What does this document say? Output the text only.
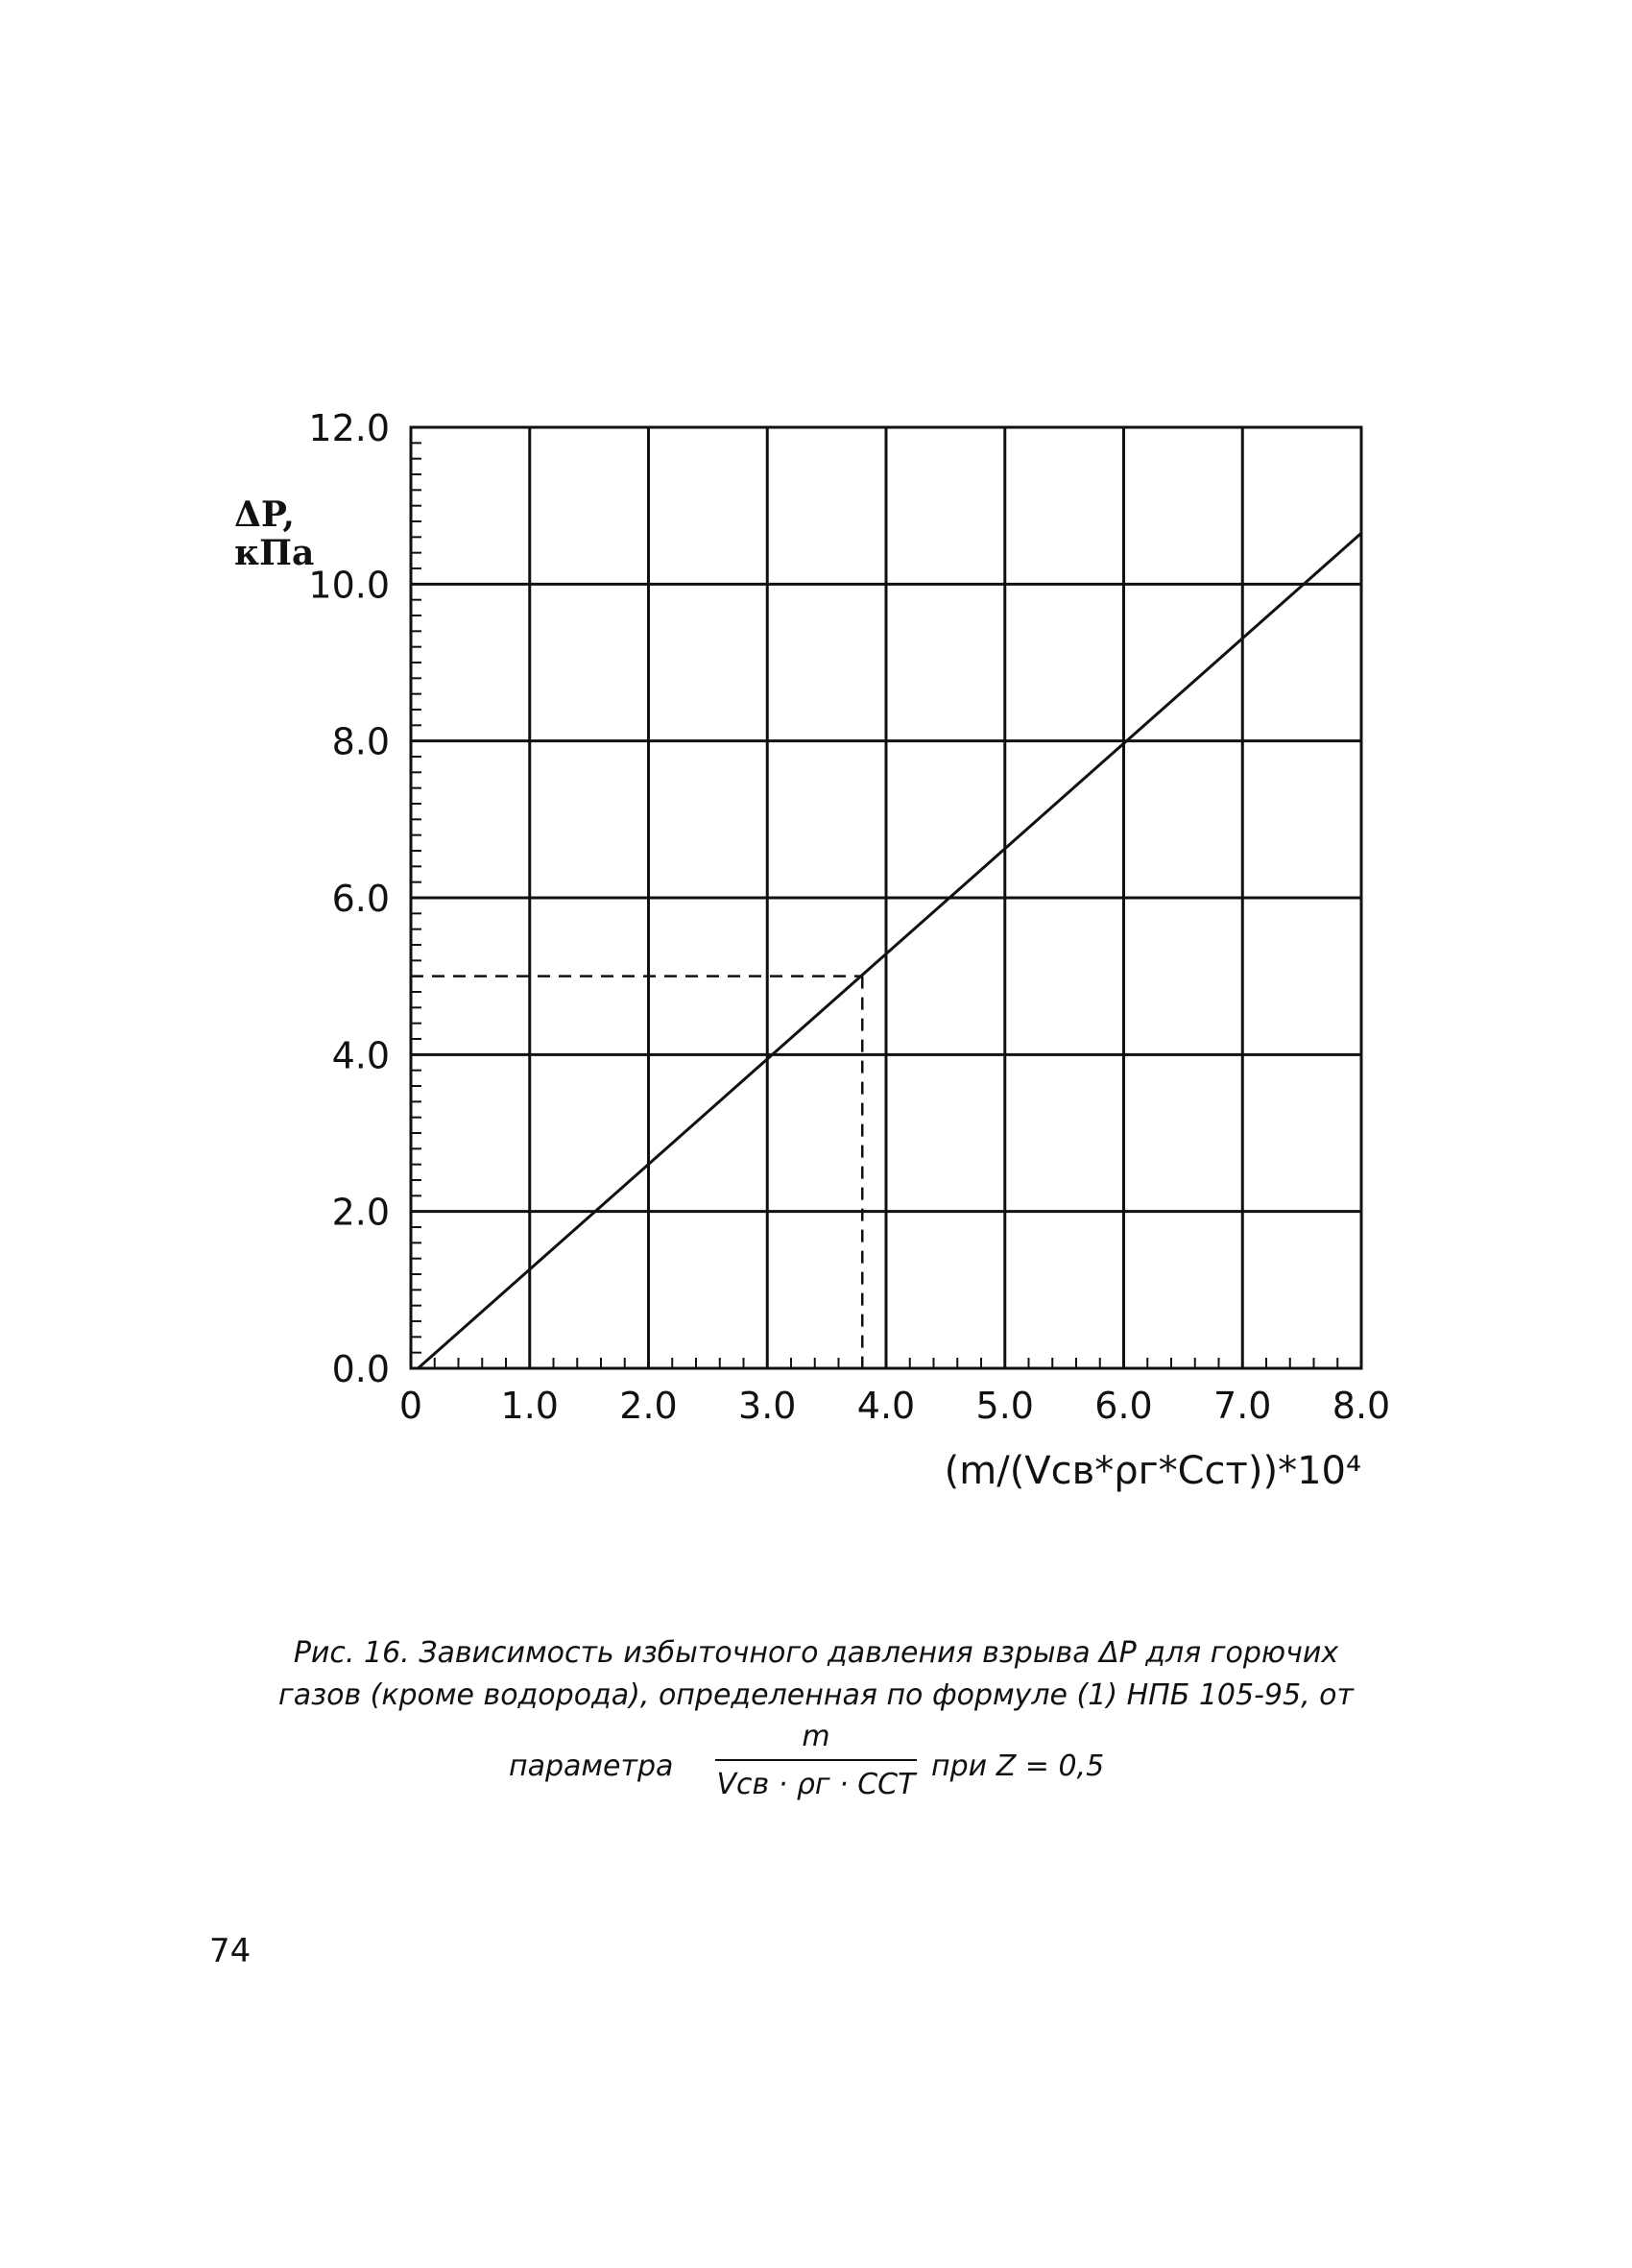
0 1.0 2.0 3.0 4.0 5.0 6.0 7.0 8.0
0.0
2.0
4.0
6.0
8.0
10.0
12.0
ΔP,
кПа
(m/(Vсв*ρг*Cст))*10⁴
Рис. 16. Зависимость избыточного давления взрыва ΔP для горючих
газов (кроме водорода), определенная по формуле (1) НПБ 105-95, от
параметра
m
Vсв · ρг · CСТ
при Z = 0,5
74
